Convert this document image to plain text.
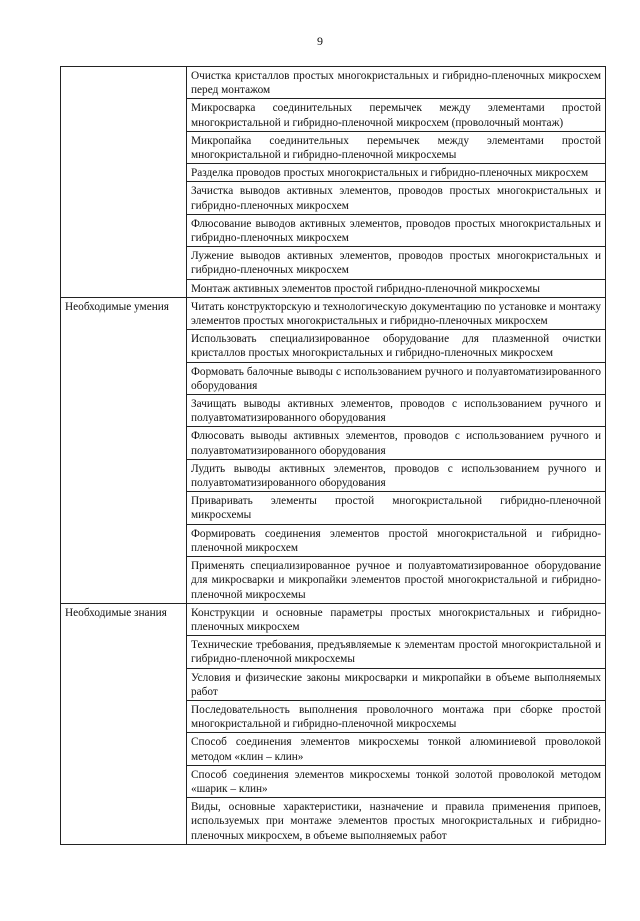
9
	Очистка кристаллов простых многокристальных и гибридно-пленочных микросхем перед монтажом
	Микросварка соединительных перемычек между элементами простой многокристальной и гибридно-пленочной микросхем (проволочный монтаж)
	Микропайка соединительных перемычек между элементами простой многокристальной и гибридно-пленочной микросхемы
	Разделка проводов простых многокристальных и гибридно-пленочных микросхем
	Зачистка выводов активных элементов, проводов простых многокристальных и гибридно-пленочных микросхем
	Флюсование выводов активных элементов, проводов простых многокристальных и гибридно-пленочных микросхем
	Лужение выводов активных элементов, проводов простых многокристальных и гибридно-пленочных микросхем
	Монтаж активных элементов простой гибридно-пленочной микросхемы
Необходимые умения	Читать конструкторскую и технологическую документацию по установке и монтажу элементов простых многокристальных и гибридно-пленочных микросхем
	Использовать специализированное оборудование для плазменной очистки кристаллов простых многокристальных и гибридно-пленочных микросхем
	Формовать балочные выводы с использованием ручного и полуавтоматизированного оборудования
	Зачищать выводы активных элементов, проводов с использованием ручного и полуавтоматизированного оборудования
	Флюсовать выводы активных элементов, проводов с использованием ручного и полуавтоматизированного оборудования
	Лудить выводы активных элементов, проводов с использованием ручного и полуавтоматизированного оборудования
	Приваривать элементы простой многокристальной гибридно-пленочной микросхемы
	Формировать соединения элементов простой многокристальной и гибридно-пленочной микросхем
	Применять специализированное ручное и полуавтоматизированное оборудование для микросварки и микропайки элементов простой многокристальной и гибридно-пленочной микросхемы
Необходимые знания	Конструкции и основные параметры простых многокристальных и гибридно-пленочных микросхем
	Технические требования, предъявляемые к элементам простой многокристальной и гибридно-пленочной микросхемы
	Условия и физические законы микросварки и микропайки в объеме выполняемых работ
	Последовательность выполнения проволочного монтажа при сборке простой многокристальной и гибридно-пленочной микросхемы
	Способ соединения элементов микросхемы тонкой алюминиевой проволокой методом «клин – клин»
	Способ соединения элементов микросхемы тонкой золотой проволокой методом «шарик – клин»
	Виды, основные характеристики, назначение и правила применения припоев, используемых при монтаже элементов простых многокристальных и гибридно-пленочных микросхем, в объеме выполняемых работ
